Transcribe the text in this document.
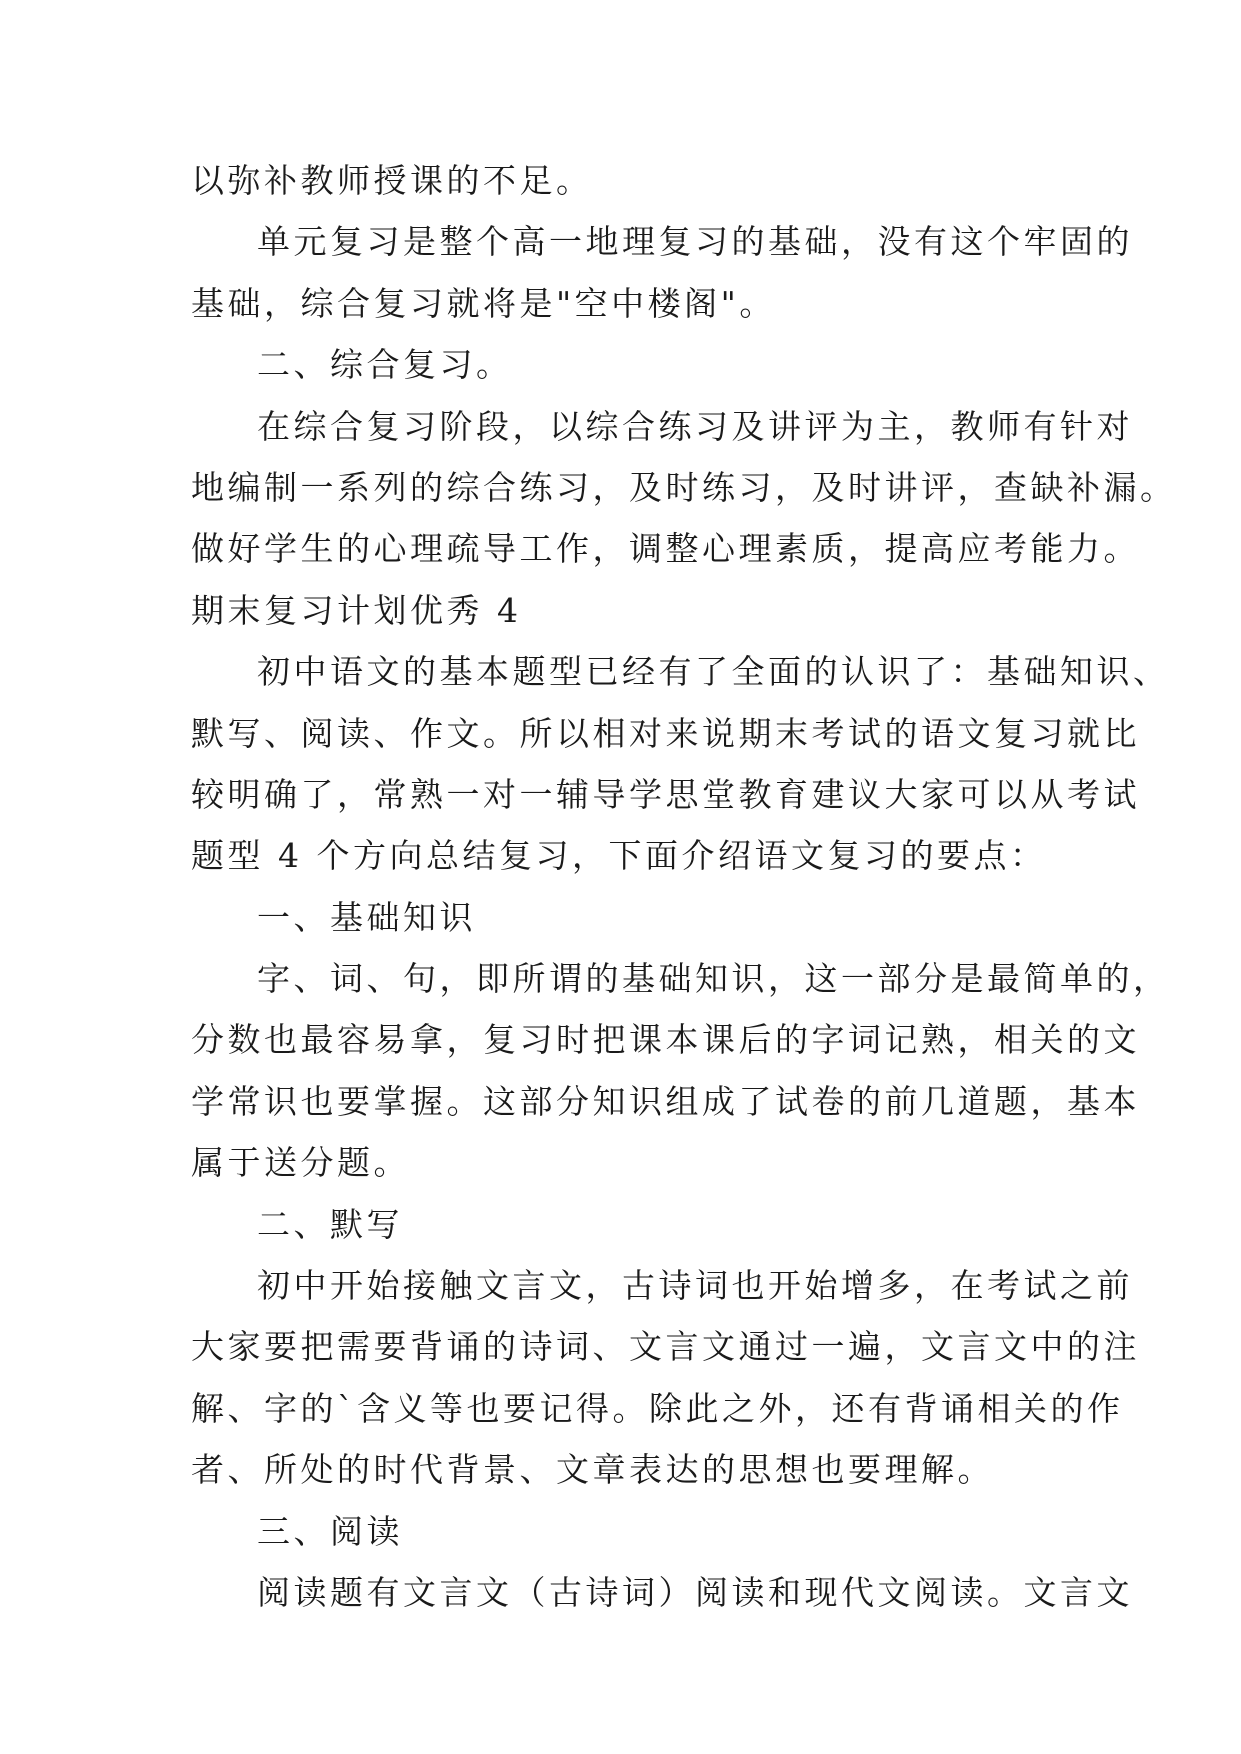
以弥补教师授课的不足。
单元复习是整个高一地理复习的基础，没有这个牢固的
基础，综合复习就将是"空中楼阁"。
二、综合复习。
在综合复习阶段，以综合练习及讲评为主，教师有针对
地编制一系列的综合练习，及时练习，及时讲评，查缺补漏。
做好学生的心理疏导工作，调整心理素质，提高应考能力。
期末复习计划优秀 4
初中语文的基本题型已经有了全面的认识了：基础知识、
默写、阅读、作文。所以相对来说期末考试的语文复习就比
较明确了，常熟一对一辅导学思堂教育建议大家可以从考试
题型 4 个方向总结复习，下面介绍语文复习的要点：
一、基础知识
字、词、句，即所谓的基础知识，这一部分是最简单的，
分数也最容易拿，复习时把课本课后的字词记熟，相关的文
学常识也要掌握。这部分知识组成了试卷的前几道题，基本
属于送分题。
二、默写
初中开始接触文言文，古诗词也开始增多，在考试之前
大家要把需要背诵的诗词、文言文通过一遍，文言文中的注
解、字的`含义等也要记得。除此之外，还有背诵相关的作
者、所处的时代背景、文章表达的思想也要理解。
三、阅读
阅读题有文言文（古诗词）阅读和现代文阅读。文言文
